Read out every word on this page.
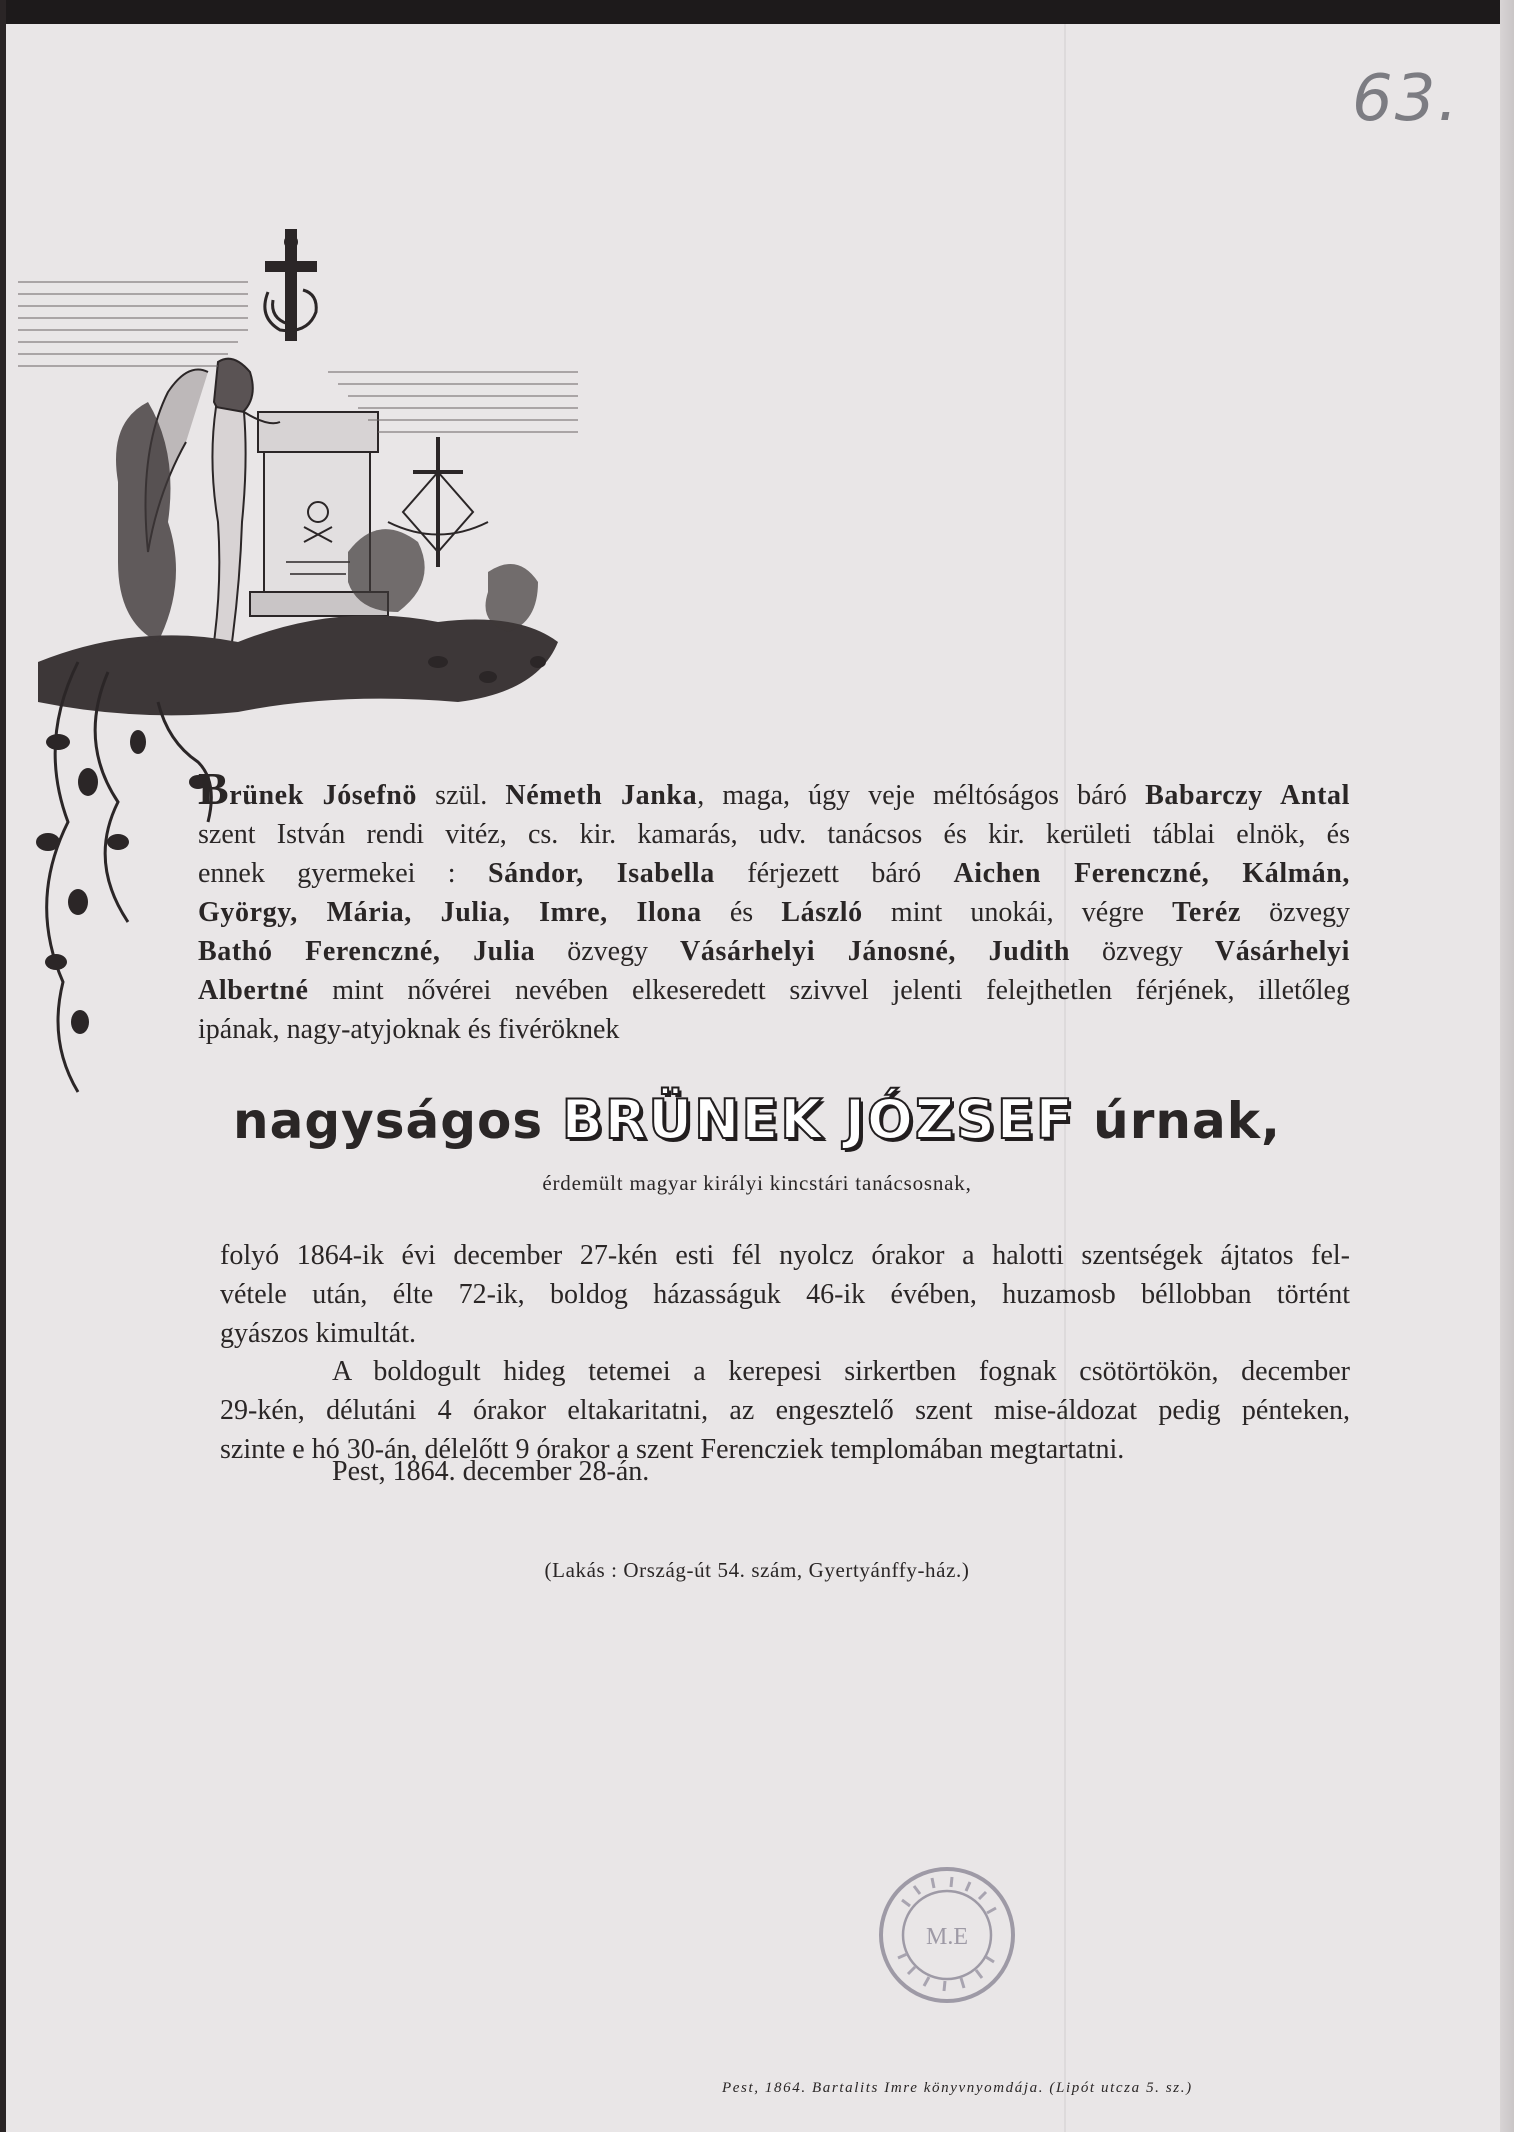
63.
Brünek Jósefnö szül. Németh Janka, maga, úgy veje méltóságos báró Babarczy Antal
szent István rendi vitéz, cs. kir. kamarás, udv. tanácsos és kir. kerületi táblai elnök, és
ennek gyermekei : Sándor, Isabella férjezett báró Aichen Ferenczné, Kálmán,
György, Mária, Julia, Imre, Ilona és László mint unokái, végre Teréz özvegy
Bathó Ferenczné, Julia özvegy Vásárhelyi Jánosné, Judith özvegy Vásárhelyi
Albertné mint nővérei nevében elkeseredett szivvel jelenti felejthetlen férjének, illetőleg
ipának, nagy-atyjoknak és fivéröknek
nagyságos BRÜNEK JÓZSEF úrnak,
érdemült magyar királyi kincstári tanácsosnak,
folyó 1864-ik évi december 27-kén esti fél nyolcz órakor a halotti szentségek ájtatos fel-
vétele után, élte 72-ik, boldog házasságuk 46-ik évében, huzamosb béllobban történt
gyászos kimultát.
A boldogult hideg tetemei a kerepesi sirkertben fognak csötörtökön, december
29-kén, délutáni 4 órakor eltakaritatni, az engesztelő szent mise-áldozat pedig pénteken,
szinte e hó 30-án, délelőtt 9 órakor a szent Ferencziek templomában megtartatni.
Pest, 1864. december 28-án.
(Lakás : Ország-út 54. szám, Gyertyánffy-ház.)
M.E
Pest, 1864. Bartalits Imre könyvnyomdája. (Lipót utcza 5. sz.)
